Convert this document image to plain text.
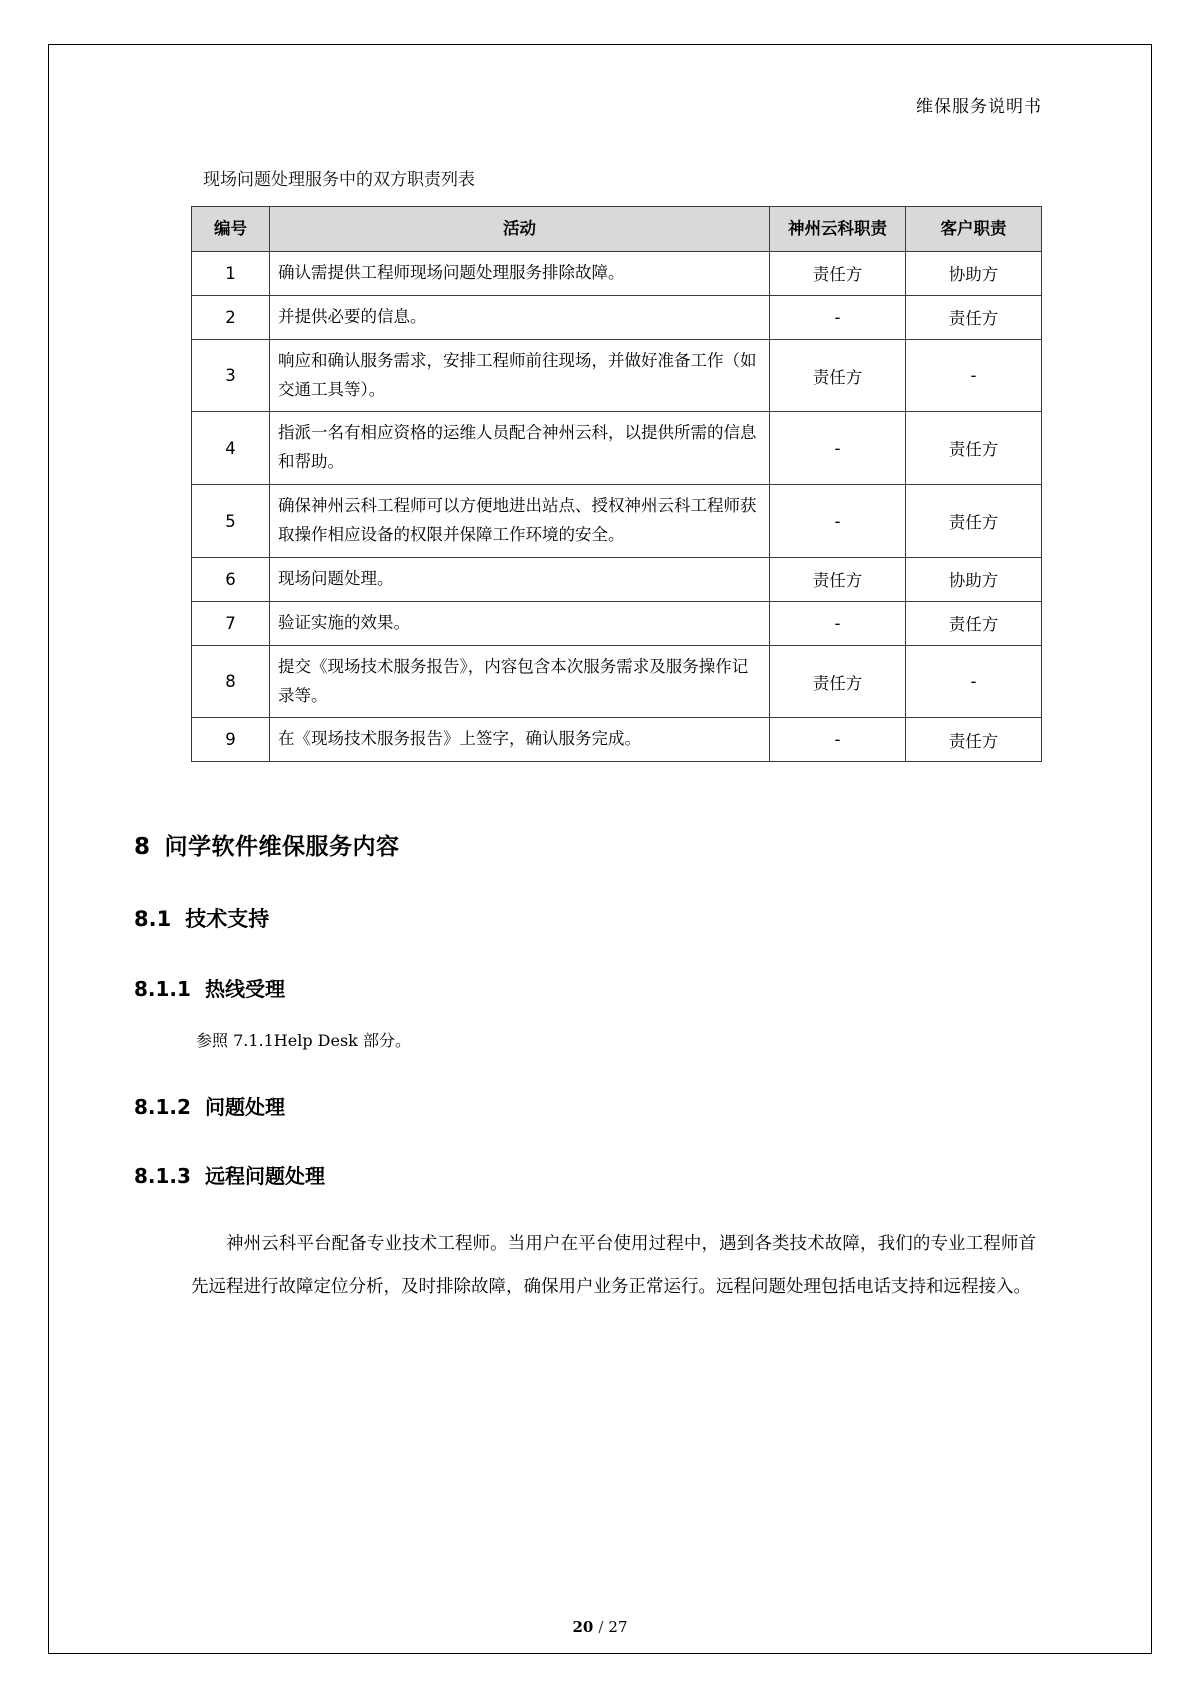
维保服务说明书
现场问题处理服务中的双方职责列表
编号	活动	神州云科职责	客户职责
1	确认需提供工程师现场问题处理服务排除故障。	责任方	协助方
2	并提供必要的信息。	-	责任方
3	响应和确认服务需求，安排工程师前往现场，并做好准备工作（如交通工具等）。	责任方	-
4	指派一名有相应资格的运维人员配合神州云科，以提供所需的信息和帮助。	-	责任方
5	确保神州云科工程师可以方便地进出站点、授权神州云科工程师获取操作相应设备的权限并保障工作环境的安全。	-	责任方
6	现场问题处理。	责任方	协助方
7	验证实施的效果。	-	责任方
8	提交《现场技术服务报告》，内容包含本次服务需求及服务操作记录等。	责任方	-
9	在《现场技术服务报告》上签字，确认服务完成。	-	责任方
8 问学软件维保服务内容
8.1 技术支持
8.1.1 热线受理

参照 7.1.1Help Desk 部分。

8.1.2 问题处理
8.1.3 远程问题处理

神州云科平台配备专业技术工程师。当用户在平台使用过程中，遇到各类技术故障，我们的专业工程师首先远程进行故障定位分析，及时排除故障，确保用户业务正常运行。远程问题处理包括电话支持和远程接入。

20 / 27
